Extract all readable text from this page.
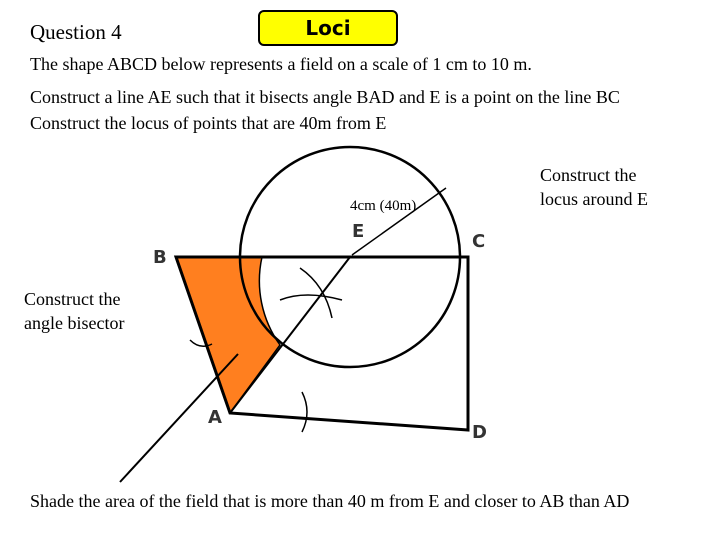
Question 4	Loci
The shape ABCD below represents a field on a scale of 1 cm to 10 m.
Construct a line AE such that it bisects angle BAD and E is a point on the line BC
Construct the locus of points that are 40m from E
B
C
E
A
D
4cm (40m)
Construct the
locus around E
Construct the
angle bisector
Shade the area of the field that is more than 40 m from E and closer to AB than AD
